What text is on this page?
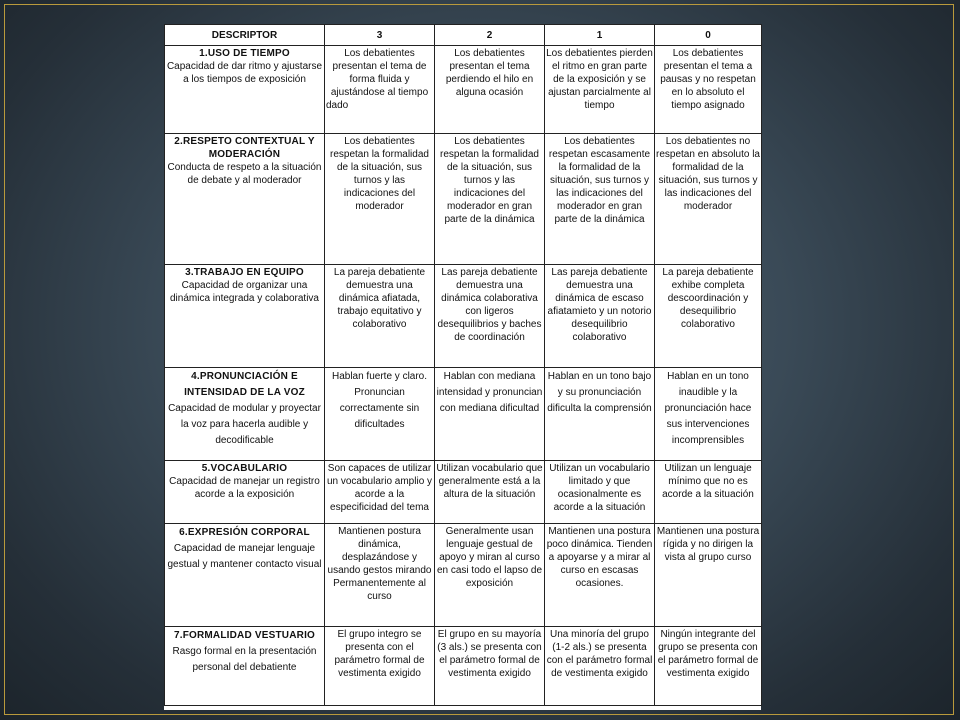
DESCRIPTOR	3	2	1	0

1.USO DE TIEMPO
Capacidad de dar ritmo y ajustarse a los tiempos de exposición	Los debatientes presentan el tema de forma fluida y ajustándose al tiempo dado	Los debatientes presentan el tema perdiendo el hilo en alguna ocasión	Los debatientes pierden el ritmo en gran parte de la exposición y se ajustan parcialmente al tiempo	Los debatientes presentan el tema a pausas y no respetan en lo absoluto el tiempo asignado

2.RESPETO CONTEXTUAL Y MODERACIÓN
Conducta de respeto a la situación de debate y al moderador	Los debatientes respetan la formalidad de la situación, sus turnos y las indicaciones del moderador	Los debatientes respetan la formalidad de la situación, sus turnos y las indicaciones del moderador en gran parte de la dinámica	Los debatientes respetan escasamente la formalidad de la situación, sus turnos y las indicaciones del moderador en gran parte de la dinámica	Los debatientes no respetan en absoluto la formalidad de la situación, sus turnos y las indicaciones del moderador

3.TRABAJO EN EQUIPO
Capacidad de organizar una dinámica integrada y colaborativa	La pareja debatiente demuestra una dinámica afiatada, trabajo equitativo y colaborativo	Las pareja debatiente demuestra una dinámica colaborativa con ligeros desequilibrios y baches de coordinación	Las pareja debatiente demuestra una dinámica de escaso afiatamieto y un notorio desequilibrio colaborativo	La pareja debatiente exhibe completa descoordinación y desequilibrio colaborativo

4.PRONUNCIACIÓN E INTENSIDAD DE LA VOZ
Capacidad de modular y proyectar la voz para hacerla audible y decodificable	Hablan fuerte y claro. Pronuncian correctamente sin dificultades	Hablan con mediana intensidad y pronuncian con mediana dificultad	Hablan en un tono bajo y su pronunciación dificulta la comprensión	Hablan en un tono inaudible y la pronunciación hace sus intervenciones incomprensibles

5.VOCABULARIO
Capacidad de manejar un registro acorde a la exposición	Son capaces de utilizar un vocabulario amplio y acorde a la especificidad del tema	Utilizan vocabulario que generalmente está a la altura de la situación	Utilizan un vocabulario limitado y que ocasionalmente es acorde a la situación	Utilizan un lenguaje mínimo que no es acorde a la situación

6.EXPRESIÓN CORPORAL
Capacidad de manejar lenguaje gestual y mantener contacto visual	Mantienen postura dinámica, desplazándose y usando gestos mirando Permanentemente al curso	Generalmente usan lenguaje gestual de apoyo y miran al curso en casi todo el lapso de exposición	Mantienen una postura poco dinámica. Tienden a apoyarse y a mirar al curso en escasas ocasiones.	Mantienen una postura rígida y no dirigen la vista al grupo curso

7.FORMALIDAD VESTUARIO
Rasgo formal en la presentación personal del debatiente	El grupo integro se presenta con el parámetro formal de vestimenta exigido	El grupo en su mayoría (3 als.) se presenta con el parámetro formal de vestimenta exigido	Una minoría del grupo (1-2 als.) se presenta con el parámetro formal de vestimenta exigido	Ningún integrante del grupo se presenta con el parámetro formal de vestimenta exigido
